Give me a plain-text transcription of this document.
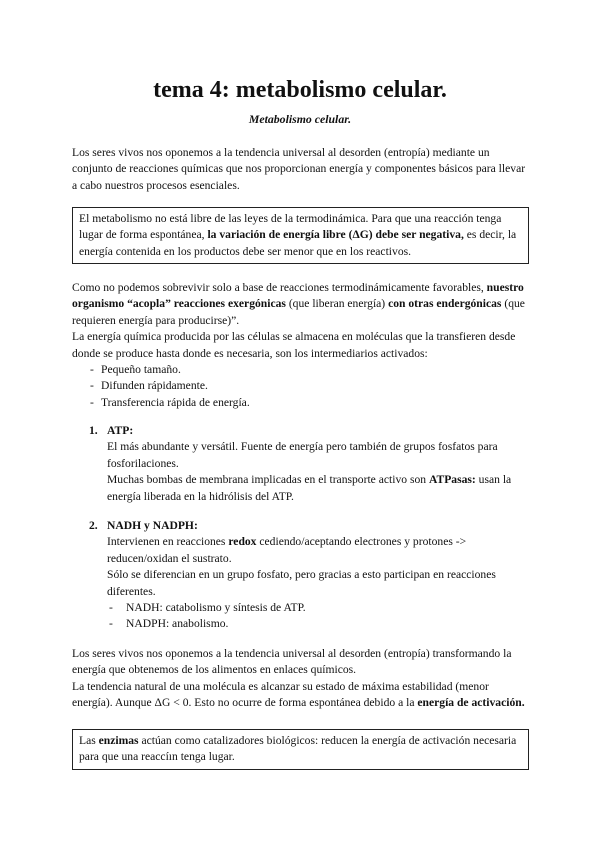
tema 4: metabolismo celular.
Metabolismo celular.

Los seres vivos nos oponemos a la tendencia universal al desorden (entropía) mediante un conjunto de reacciones químicas que nos proporcionan energía y componentes básicos para llevar a cabo nuestros procesos esenciales.

El metabolismo no está libre de las leyes de la termodinámica. Para que una reacción tenga lugar de forma espontánea, la variación de energía libre (ΔG) debe ser negativa, es decir, la energía contenida en los productos debe ser menor que en los reactivos.

Como no podemos sobrevivir solo a base de reacciones termodinámicamente favorables, nuestro organismo “acopla” reacciones exergónicas (que liberan energía) con otras endergónicas (que requieren energía para producirse)”.

La energía química producida por las células se almacena en moléculas que la transfieren desde donde se produce hasta donde es necesaria, son los intermediarios activados:

- Pequeño tamaño.
- Difunden rápidamente.
- Transferencia rápida de energía.
1. ATP:

El más abundante y versátil. Fuente de energía pero también de grupos fosfatos para fosforilaciones.

Muchas bombas de membrana implicadas en el transporte activo son ATPasas: usan la energía liberada en la hidrólisis del ATP.

2. NADH y NADPH:

Intervienen en reacciones redox cediendo/aceptando electrones y protones -> reducen/oxidan el sustrato.

Sólo se diferencian en un grupo fosfato, pero gracias a esto participan en reacciones diferentes.

- NADH: catabolismo y síntesis de ATP.
- NADPH: anabolismo.

Los seres vivos nos oponemos a la tendencia universal al desorden (entropía) transformando la energía que obtenemos de los alimentos en enlaces químicos.

La tendencia natural de una molécula es alcanzar su estado de máxima estabilidad (menor energía). Aunque ΔG < 0. Esto no ocurre de forma espontánea debido a la energía de activación.

Las enzimas actúan como catalizadores biológicos: reducen la energía de activación necesaria para que una reaccíın tenga lugar.
